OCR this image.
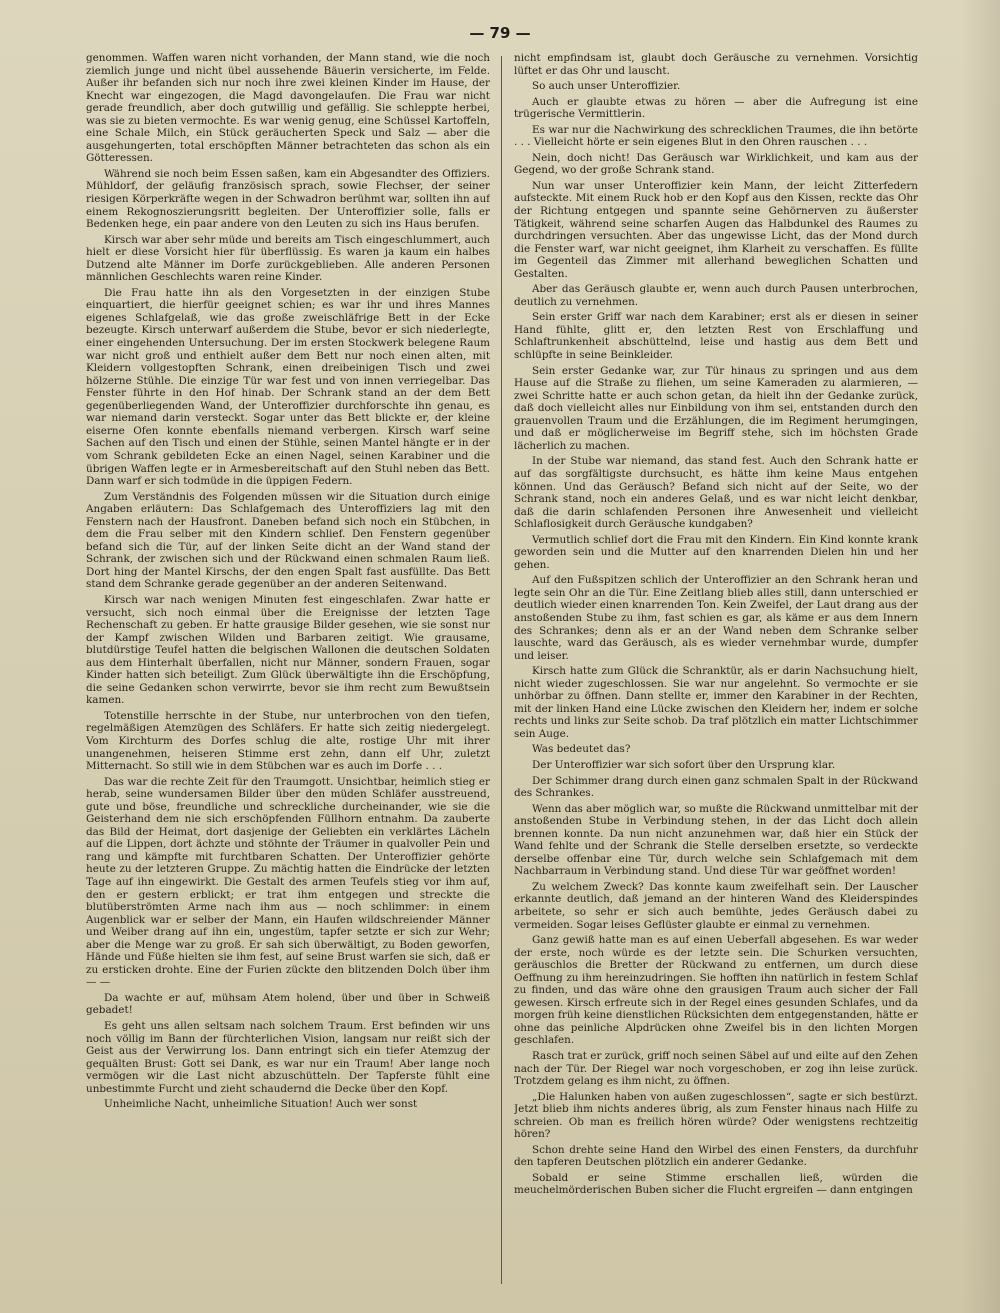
— 79 —

genommen. Waffen waren nicht vorhanden, der Mann stand, wie die noch ziemlich junge und nicht übel aussehende Bäuerin versicherte, im Felde. Außer ihr befanden sich nur noch ihre zwei kleinen Kinder im Hause, der Knecht war eingezogen, die Magd davongelaufen. Die Frau war nicht gerade freundlich, aber doch gutwillig und gefällig. Sie schleppte herbei, was sie zu bieten vermochte. Es war wenig genug, eine Schüssel Kartoffeln, eine Schale Milch, ein Stück geräucherten Speck und Salz — aber die ausgehungerten, total erschöpften Männer betrachteten das schon als ein Götteressen.

Während sie noch beim Essen saßen, kam ein Abgesandter des Offiziers. Mühldorf, der geläufig französisch sprach, sowie Flechser, der seiner riesigen Körperkräfte wegen in der Schwadron berühmt war, sollten ihn auf einem Rekognoszierungsritt begleiten. Der Unteroffizier solle, falls er Bedenken hege, ein paar andere von den Leuten zu sich ins Haus berufen.

Kirsch war aber sehr müde und bereits am Tisch eingeschlummert, auch hielt er diese Vorsicht hier für überflüssig. Es waren ja kaum ein halbes Dutzend alte Männer im Dorfe zurückgeblieben. Alle anderen Personen männlichen Geschlechts waren reine Kinder.

Die Frau hatte ihn als den Vorgesetzten in der einzigen Stube einquartiert, die hierfür geeignet schien; es war ihr und ihres Mannes eigenes Schlafgelaß, wie das große zweischläfrige Bett in der Ecke bezeugte. Kirsch unterwarf außerdem die Stube, bevor er sich niederlegte, einer eingehenden Untersuchung. Der im ersten Stockwerk belegene Raum war nicht groß und enthielt außer dem Bett nur noch einen alten, mit Kleidern vollgestopften Schrank, einen dreibeinigen Tisch und zwei hölzerne Stühle. Die einzige Tür war fest und von innen verriegelbar. Das Fenster führte in den Hof hinab. Der Schrank stand an der dem Bett gegenüberliegenden Wand, der Unteroffizier durchforschte ihn genau, es war niemand darin versteckt. Sogar unter das Bett blickte er, der kleine eiserne Ofen konnte ebenfalls niemand verbergen. Kirsch warf seine Sachen auf den Tisch und einen der Stühle, seinen Mantel hängte er in der vom Schrank gebildeten Ecke an einen Nagel, seinen Karabiner und die übrigen Waffen legte er in Armesbereitschaft auf den Stuhl neben das Bett. Dann warf er sich todmüde in die üppigen Federn.

Zum Verständnis des Folgenden müssen wir die Situation durch einige Angaben erläutern: Das Schlafgemach des Unteroffiziers lag mit den Fenstern nach der Hausfront. Daneben befand sich noch ein Stübchen, in dem die Frau selber mit den Kindern schlief. Den Fenstern gegenüber befand sich die Tür, auf der linken Seite dicht an der Wand stand der Schrank, der zwischen sich und der Rückwand einen schmalen Raum ließ. Dort hing der Mantel Kirschs, der den engen Spalt fast ausfüllte. Das Bett stand dem Schranke gerade gegenüber an der anderen Seitenwand.

Kirsch war nach wenigen Minuten fest eingeschlafen. Zwar hatte er versucht, sich noch einmal über die Ereignisse der letzten Tage Rechenschaft zu geben. Er hatte grausige Bilder gesehen, wie sie sonst nur der Kampf zwischen Wilden und Barbaren zeitigt. Wie grausame, blutdürstige Teufel hatten die belgischen Wallonen die deutschen Soldaten aus dem Hinterhalt überfallen, nicht nur Männer, sondern Frauen, sogar Kinder hatten sich beteiligt. Zum Glück überwältigte ihn die Erschöpfung, die seine Gedanken schon verwirrte, bevor sie ihm recht zum Bewußtsein kamen.

Totenstille herrschte in der Stube, nur unterbrochen von den tiefen, regelmäßigen Atemzügen des Schläfers. Er hatte sich zeitig niedergelegt. Vom Kirchturm des Dorfes schlug die alte, rostige Uhr mit ihrer unangenehmen, heiseren Stimme erst zehn, dann elf Uhr, zuletzt Mitternacht. So still wie in dem Stübchen war es auch im Dorfe . . .

Das war die rechte Zeit für den Traumgott. Unsichtbar, heimlich stieg er herab, seine wundersamen Bilder über den müden Schläfer ausstreuend, gute und böse, freundliche und schreckliche durcheinander, wie sie die Geisterhand dem nie sich erschöpfenden Füllhorn entnahm. Da zauberte das Bild der Heimat, dort dasjenige der Geliebten ein verklärtes Lächeln auf die Lippen, dort ächzte und stöhnte der Träumer in qualvoller Pein und rang und kämpfte mit furchtbaren Schatten. Der Unteroffizier gehörte heute zu der letzteren Gruppe. Zu mächtig hatten die Eindrücke der letzten Tage auf ihn eingewirkt. Die Gestalt des armen Teufels stieg vor ihm auf, den er gestern erblickt; er trat ihm entgegen und streckte die blutüberströmten Arme nach ihm aus — noch schlimmer: in einem Augenblick war er selber der Mann, ein Haufen wildschreiender Männer und Weiber drang auf ihn ein, ungestüm, tapfer setzte er sich zur Wehr; aber die Menge war zu groß. Er sah sich überwältigt, zu Boden geworfen, Hände und Füße hielten sie ihm fest, auf seine Brust warfen sie sich, daß er zu ersticken drohte. Eine der Furien zückte den blitzenden Dolch über ihm — —

Da wachte er auf, mühsam Atem holend, über und über in Schweiß gebadet!

Es geht uns allen seltsam nach solchem Traum. Erst befinden wir uns noch völlig im Bann der fürchterlichen Vision, langsam nur reißt sich der Geist aus der Verwirrung los. Dann entringt sich ein tiefer Atemzug der gequälten Brust: Gott sei Dank, es war nur ein Traum! Aber lange noch vermögen wir die Last nicht abzuschütteln. Der Tapferste fühlt eine unbestimmte Furcht und zieht schaudernd die Decke über den Kopf.

Unheimliche Nacht, unheimliche Situation! Auch wer sonst

nicht empfindsam ist, glaubt doch Geräusche zu vernehmen. Vorsichtig lüftet er das Ohr und lauscht.

So auch unser Unteroffizier.

Auch er glaubte etwas zu hören — aber die Aufregung ist eine trügerische Vermittlerin.

Es war nur die Nachwirkung des schrecklichen Traumes, die ihn betörte . . . Vielleicht hörte er sein eigenes Blut in den Ohren rauschen . . .

Nein, doch nicht! Das Geräusch war Wirklichkeit, und kam aus der Gegend, wo der große Schrank stand.

Nun war unser Unteroffizier kein Mann, der leicht Zitterfedern aufsteckte. Mit einem Ruck hob er den Kopf aus den Kissen, reckte das Ohr der Richtung entgegen und spannte seine Gehörnerven zu äußerster Tätigkeit, während seine scharfen Augen das Halbdunkel des Raumes zu durchdringen versuchten. Aber das ungewisse Licht, das der Mond durch die Fenster warf, war nicht geeignet, ihm Klarheit zu verschaffen. Es füllte im Gegenteil das Zimmer mit allerhand beweglichen Schatten und Gestalten.

Aber das Geräusch glaubte er, wenn auch durch Pausen unterbrochen, deutlich zu vernehmen.

Sein erster Griff war nach dem Karabiner; erst als er diesen in seiner Hand fühlte, glitt er, den letzten Rest von Erschlaffung und Schlaftrunkenheit abschüttelnd, leise und hastig aus dem Bett und schlüpfte in seine Beinkleider.

Sein erster Gedanke war, zur Tür hinaus zu springen und aus dem Hause auf die Straße zu fliehen, um seine Kameraden zu alarmieren, — zwei Schritte hatte er auch schon getan, da hielt ihn der Gedanke zurück, daß doch vielleicht alles nur Einbildung von ihm sei, entstanden durch den grauenvollen Traum und die Erzählungen, die im Regiment herumgingen, und daß er möglicherweise im Begriff stehe, sich im höchsten Grade lächerlich zu machen.

In der Stube war niemand, das stand fest. Auch den Schrank hatte er auf das sorgfältigste durchsucht, es hätte ihm keine Maus entgehen können. Und das Geräusch? Befand sich nicht auf der Seite, wo der Schrank stand, noch ein anderes Gelaß, und es war nicht leicht denkbar, daß die darin schlafenden Personen ihre Anwesenheit und vielleicht Schlaflosigkeit durch Geräusche kundgaben?

Vermutlich schlief dort die Frau mit den Kindern. Ein Kind konnte krank geworden sein und die Mutter auf den knarrenden Dielen hin und her gehen.

Auf den Fußspitzen schlich der Unteroffizier an den Schrank heran und legte sein Ohr an die Tür. Eine Zeitlang blieb alles still, dann unterschied er deutlich wieder einen knarrenden Ton. Kein Zweifel, der Laut drang aus der anstoßenden Stube zu ihm, fast schien es gar, als käme er aus dem Innern des Schrankes; denn als er an der Wand neben dem Schranke selber lauschte, ward das Geräusch, als es wieder vernehmbar wurde, dumpfer und leiser.

Kirsch hatte zum Glück die Schranktür, als er darin Nachsuchung hielt, nicht wieder zugeschlossen. Sie war nur angelehnt. So vermochte er sie unhörbar zu öffnen. Dann stellte er, immer den Karabiner in der Rechten, mit der linken Hand eine Lücke zwischen den Kleidern her, indem er solche rechts und links zur Seite schob. Da traf plötzlich ein matter Lichtschimmer sein Auge.

Was bedeutet das?

Der Unteroffizier war sich sofort über den Ursprung klar.

Der Schimmer drang durch einen ganz schmalen Spalt in der Rückwand des Schrankes.

Wenn das aber möglich war, so mußte die Rückwand unmittelbar mit der anstoßenden Stube in Verbindung stehen, in der das Licht doch allein brennen konnte. Da nun nicht anzunehmen war, daß hier ein Stück der Wand fehlte und der Schrank die Stelle derselben ersetzte, so verdeckte derselbe offenbar eine Tür, durch welche sein Schlafgemach mit dem Nachbarraum in Verbindung stand. Und diese Tür war geöffnet worden!

Zu welchem Zweck? Das konnte kaum zweifelhaft sein. Der Lauscher erkannte deutlich, daß jemand an der hinteren Wand des Kleiderspindes arbeitete, so sehr er sich auch bemühte, jedes Geräusch dabei zu vermeiden. Sogar leises Geflüster glaubte er einmal zu vernehmen.

Ganz gewiß hatte man es auf einen Ueberfall abgesehen. Es war weder der erste, noch würde es der letzte sein. Die Schurken versuchten, geräuschlos die Bretter der Rückwand zu entfernen, um durch diese Oeffnung zu ihm hereinzudringen. Sie hofften ihn natürlich in festem Schlaf zu finden, und das wäre ohne den grausigen Traum auch sicher der Fall gewesen. Kirsch erfreute sich in der Regel eines gesunden Schlafes, und da morgen früh keine dienstlichen Rücksichten dem entgegenstanden, hätte er ohne das peinliche Alpdrücken ohne Zweifel bis in den lichten Morgen geschlafen.

Rasch trat er zurück, griff noch seinen Säbel auf und eilte auf den Zehen nach der Tür. Der Riegel war noch vorgeschoben, er zog ihn leise zurück. Trotzdem gelang es ihm nicht, zu öffnen.

„Die Halunken haben von außen zugeschlossen“, sagte er sich bestürzt. Jetzt blieb ihm nichts anderes übrig, als zum Fenster hinaus nach Hilfe zu schreien. Ob man es freilich hören würde? Oder wenigstens rechtzeitig hören?

Schon drehte seine Hand den Wirbel des einen Fensters, da durchfuhr den tapferen Deutschen plötzlich ein anderer Gedanke.

Sobald er seine Stimme erschallen ließ, würden die meuchelmörderischen Buben sicher die Flucht ergreifen — dann entgingen
